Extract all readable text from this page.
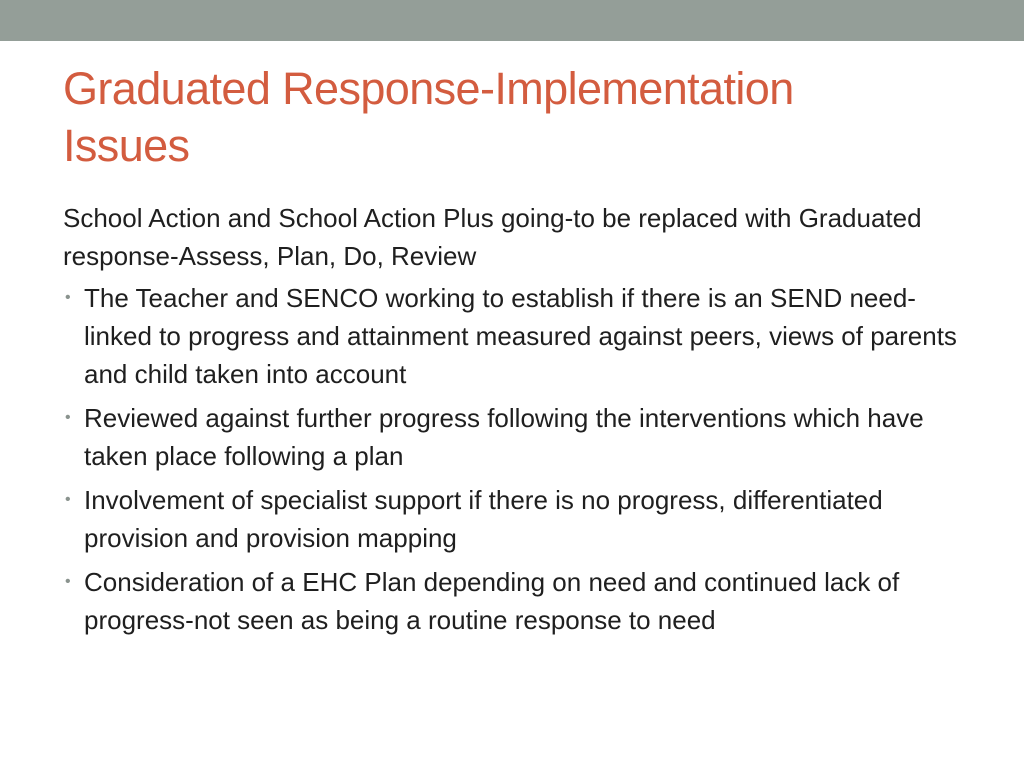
Graduated Response-Implementation
Issues

School Action and School Action Plus going-to be replaced with Graduated response-Assess, Plan, Do, Review

• The Teacher and SENCO working to establish if there is an SEND need-linked to progress and attainment measured against peers, views of parents and child taken into account
• Reviewed against further progress following the interventions which have taken place following a plan
• Involvement of specialist support if there is no progress, differentiated provision and provision mapping
• Consideration of a EHC Plan depending on need and continued lack of progress-not seen as being a routine response to need
